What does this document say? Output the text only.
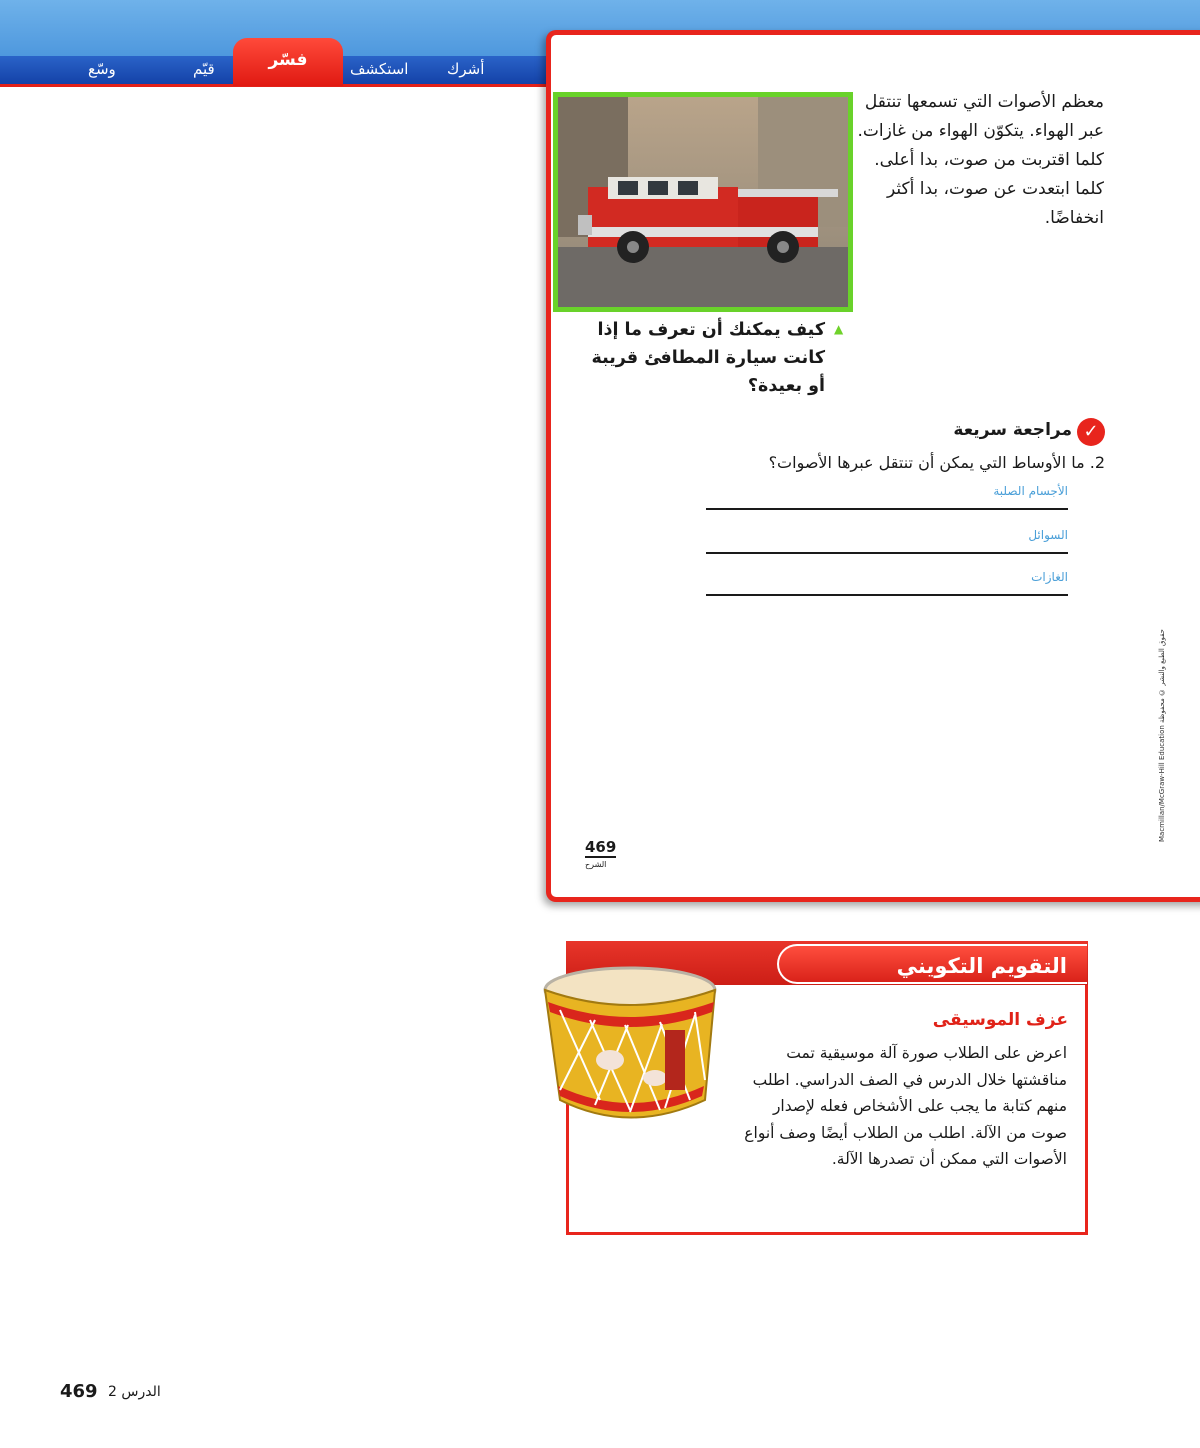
أشرك
استكشف
قيّم
وسّع	فسّر
معظم الأصوات التي تسمعها تنتقل عبر الهواء. يتكوّن الهواء من غازات. كلما اقتربت من صوت، بدا أعلى. كلما ابتعدت عن صوت، بدا أكثر انخفاضًا.
▲
كيف يمكنك أن تعرف ما إذا كانت سيارة المطافئ قريبة أو بعيدة؟
✓
مراجعة سريعة
2. ما الأوساط التي يمكن أن تنتقل عبرها الأصوات؟
الأجسام الصلبة
السوائل
الغازات
Macmillan/McGraw-Hill Education حقوق الطبع والنشر © محفوظة
469
الشرح
التقويم التكويني
عزف الموسيقى
اعرض على الطلاب صورة آلة موسيقية تمت مناقشتها خلال الدرس في الصف الدراسي. اطلب منهم كتابة ما يجب على الأشخاص فعله لإصدار صوت من الآلة. اطلب من الطلاب أيضًا وصف أنواع الأصوات التي ممكن أن تصدرها الآلة.
469 الدرس 2
